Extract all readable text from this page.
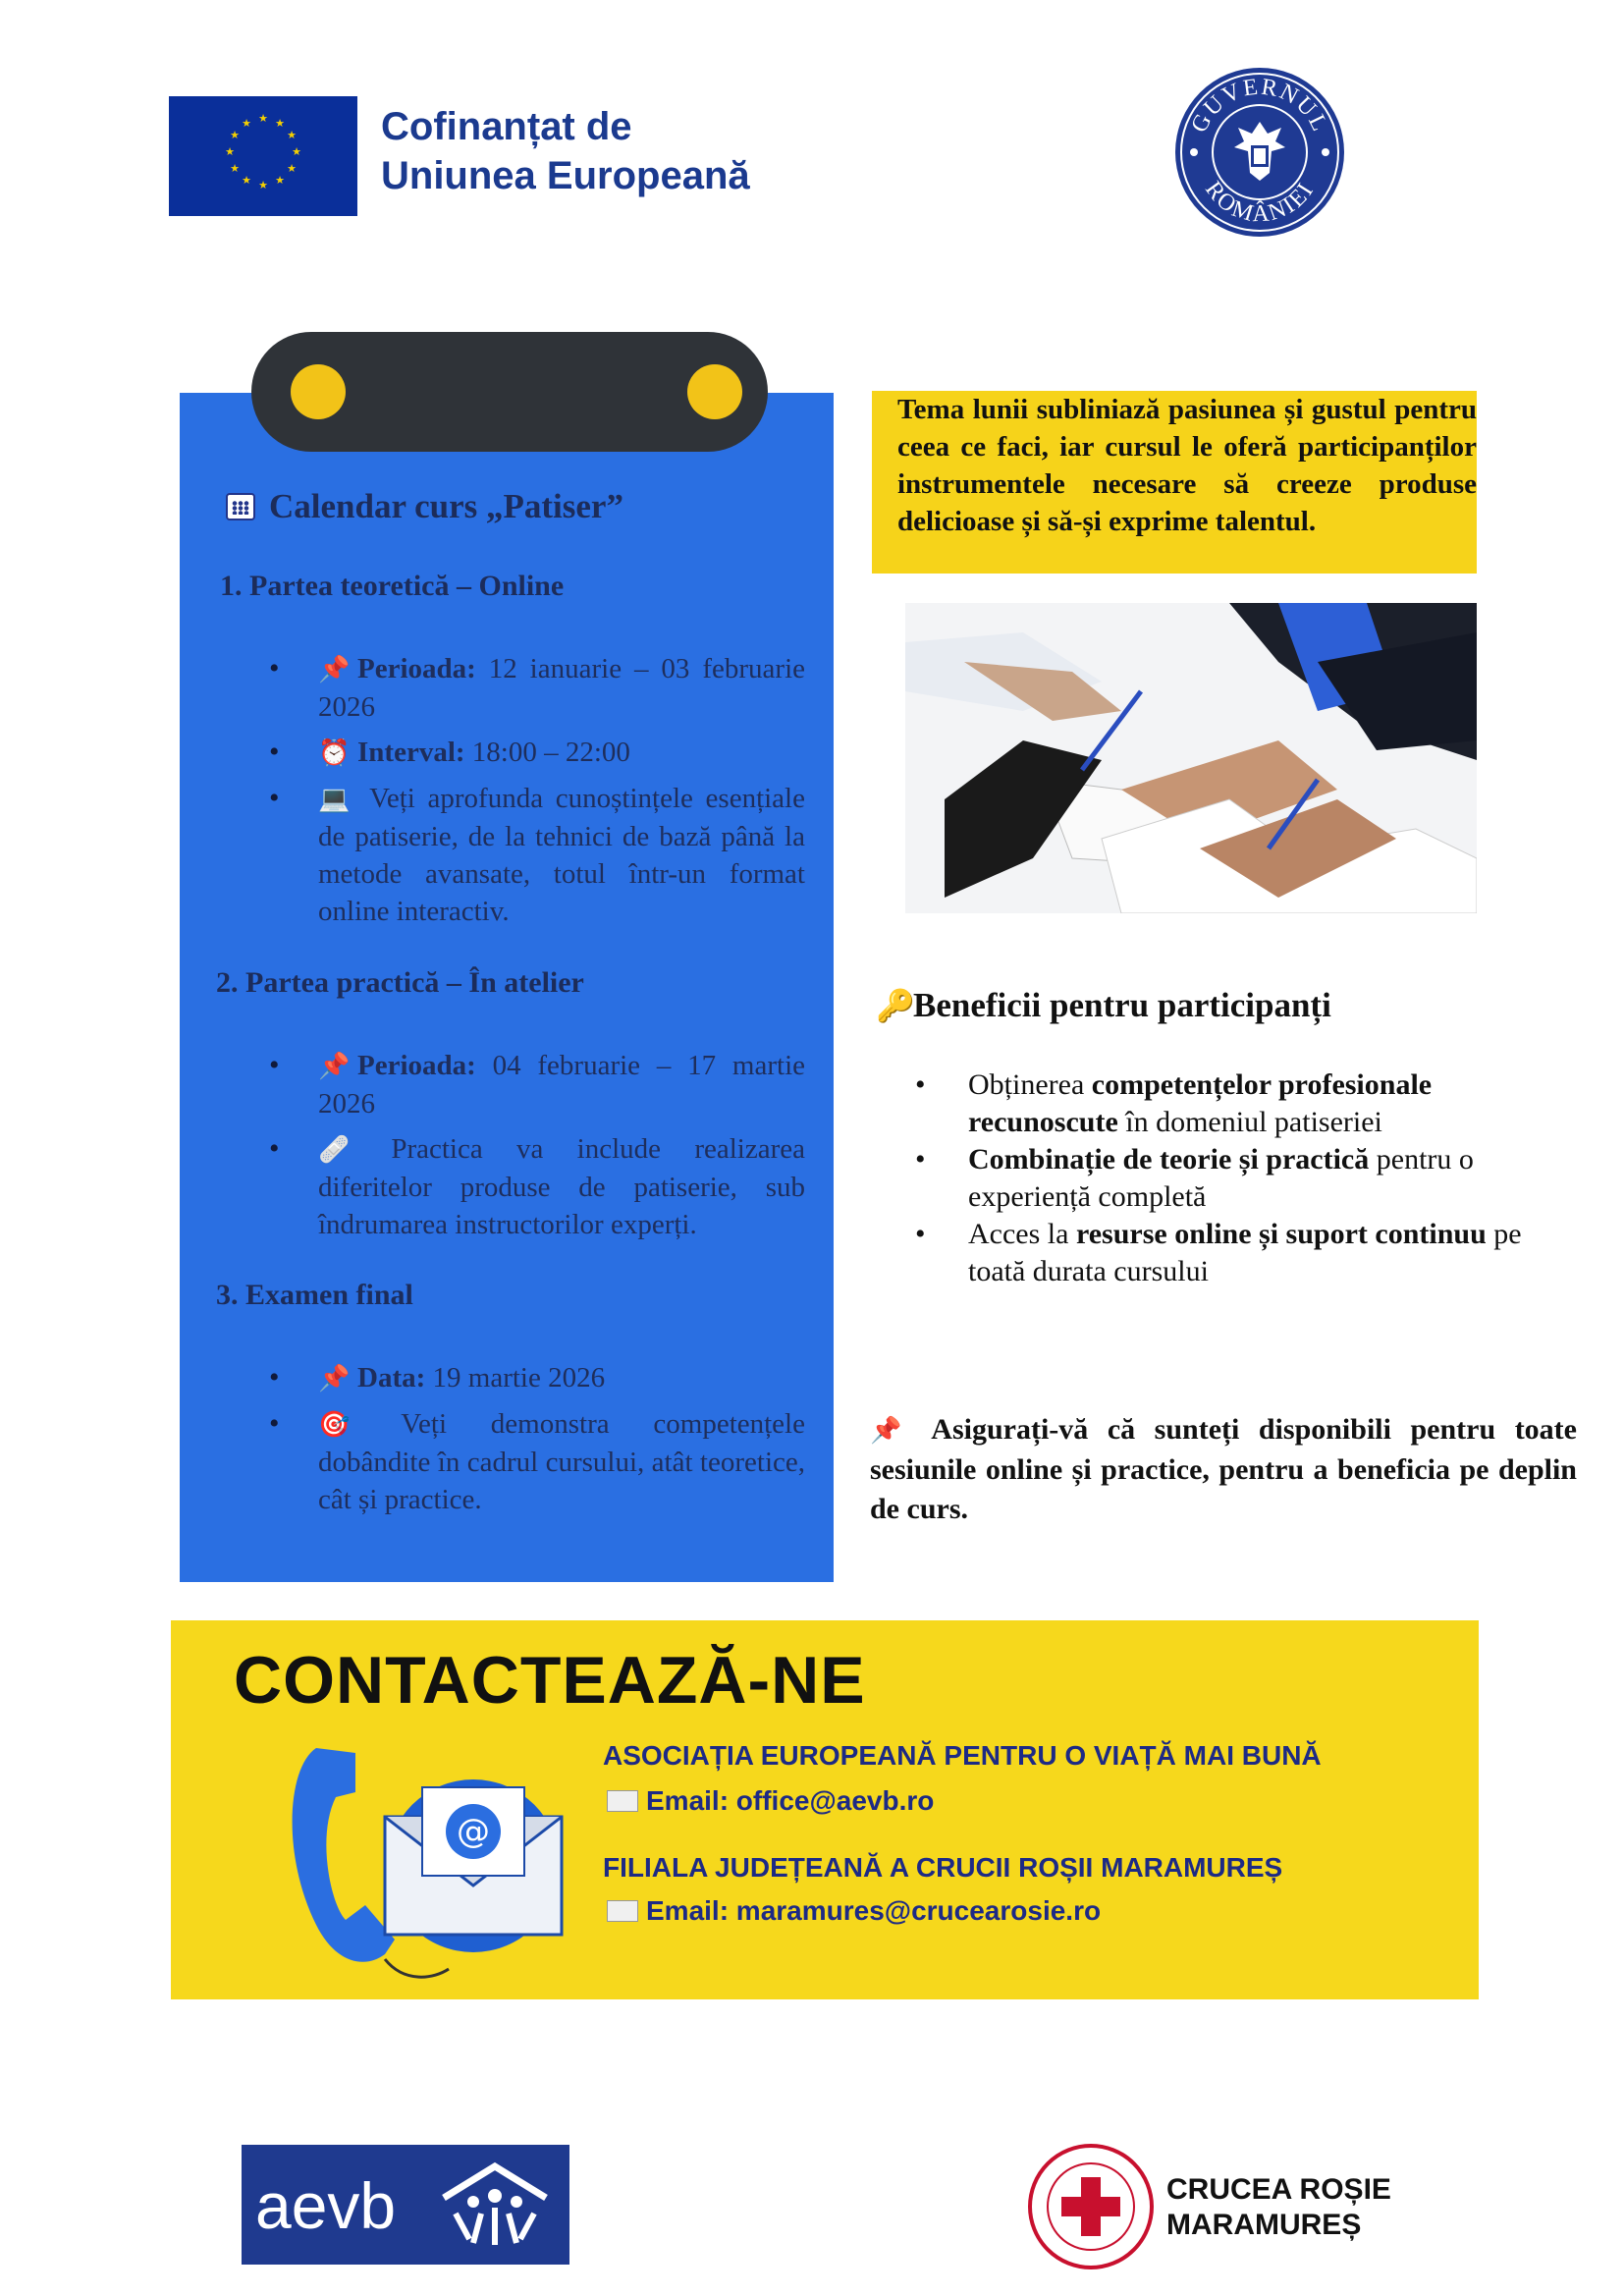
★ ★
★
★
★
★
★
★
★
★
★
★	Cofinanțat de
Uniunea Europeană
GUVERNUL
ROMÂNIEI
Calendar curs „Patiser”
1. Partea teoretică – Online
• 📌 Perioada: 12 ianuarie – 03 februarie 2026
• ⏰ Interval: 18:00 – 22:00
• 💻 Veți aprofunda cunoștințele esențiale de patiserie, de la tehnici de bază până la metode avansate, totul într-un format online interactiv.
2. Partea practică – În atelier
• 📌 Perioada: 04 februarie – 17 martie 2026
• 🩹 Practica va include realizarea diferitelor produse de patiserie, sub îndrumarea instructorilor experți.
3. Examen final
• 📌 Data: 19 martie 2026
• 🎯 Veți demonstra competențele dobândite în cadrul cursului, atât teoretice, cât și practice.
Tema lunii subliniază pasiunea și gustul pentru ceea ce faci, iar cursul le oferă participanților instrumentele necesare să creeze produse delicioase și să-și exprime talentul.
🔑Beneficii pentru participanți
• Obținerea competențelor profesionale recunoscute în domeniul patiseriei
• Combinație de teorie și practică pentru o experiență completă
• Acces la resurse online și suport continuu pe toată durata cursului
📌 Asigurați-vă că sunteți disponibili pentru toate sesiunile online și practice, pentru a beneficia pe deplin de curs.
CONTACTEAZĂ-NE
@
ASOCIAȚIA EUROPEANĂ PENTRU O VIAȚĂ MAI BUNĂ
Email: office@aevb.ro
FILIALA JUDEȚEANĂ A CRUCII ROȘII MARAMUREȘ
Email: maramures@crucearosie.ro
aevb	CRUCEA ROȘIE
MARAMUREȘ
